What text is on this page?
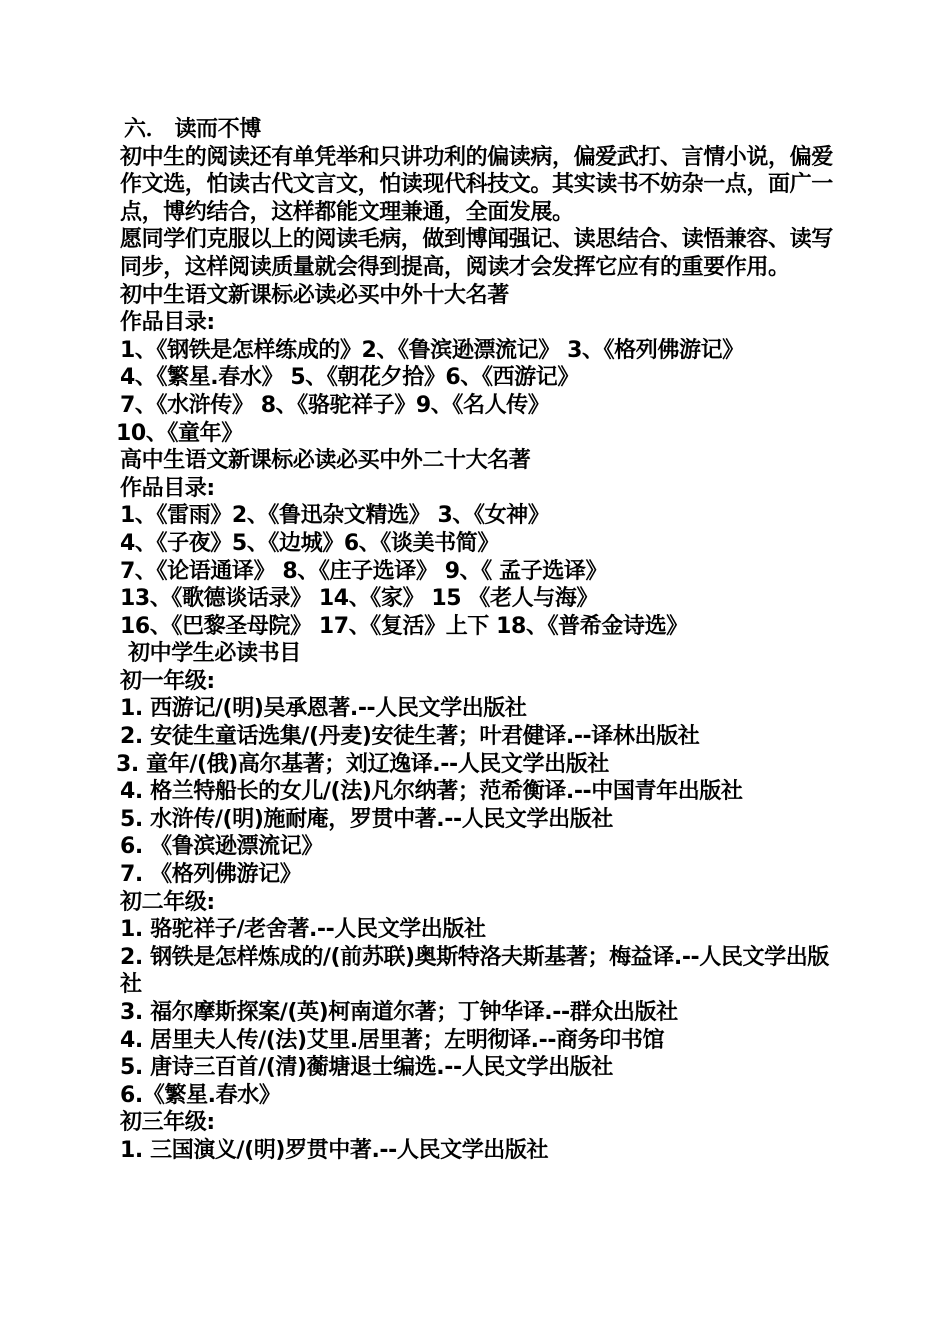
六． 读而不博
初中生的阅读还有单凭举和只讲功利的偏读病，偏爱武打、言情小说，偏爱作文选，怕读古代文言文，怕读现代科技文。其实读书不妨杂一点，面广一点，博约结合，这样都能文理兼通，全面发展。
愿同学们克服以上的阅读毛病，做到博闻强记、读思结合、读悟兼容、读写同步，这样阅读质量就会得到提高，阅读才会发挥它应有的重要作用。
初中生语文新课标必读必买中外十大名著
作品目录:
1、《钢铁是怎样练成的》2、《鲁滨逊漂流记》 3、《格列佛游记》
4、《繁星.春水》 5、《朝花夕拾》6、《西游记》
7、《水浒传》 8、《骆驼祥子》9、《名人传》
10、《童年》
高中生语文新课标必读必买中外二十大名著
作品目录:
1、《雷雨》2、《鲁迅杂文精选》 3、《女神》
4、《子夜》5、《边城》6、《谈美书简》
7、《论语通译》 8、《庄子选译》 9、《 孟子选译》
13、《歌德谈话录》 14、《家》 15 《老人与海》
16、《巴黎圣母院》 17、《复活》上下 18、《普希金诗选》
初中学生必读书目
初一年级:
1. 西游记/(明)吴承恩著.--人民文学出版社
2. 安徒生童话选集/(丹麦)安徒生著；叶君健译.--译林出版社
3. 童年/(俄)高尔基著；刘辽逸译.--人民文学出版社
4. 格兰特船长的女儿/(法)凡尔纳著；范希衡译.--中国青年出版社
5. 水浒传/(明)施耐庵，罗贯中著.--人民文学出版社
6. 《鲁滨逊漂流记》
7. 《格列佛游记》
初二年级:
1. 骆驼祥子/老舍著.--人民文学出版社
2. 钢铁是怎样炼成的/(前苏联)奥斯特洛夫斯基著；梅益译.--人民文学出版社
3. 福尔摩斯探案/(英)柯南道尔著；丁钟华译.--群众出版社
4. 居里夫人传/(法)艾里.居里著；左明彻译.--商务印书馆
5. 唐诗三百首/(清)蘅塘退士编选.--人民文学出版社
6.《繁星.春水》
初三年级:
1. 三国演义/(明)罗贯中著.--人民文学出版社
